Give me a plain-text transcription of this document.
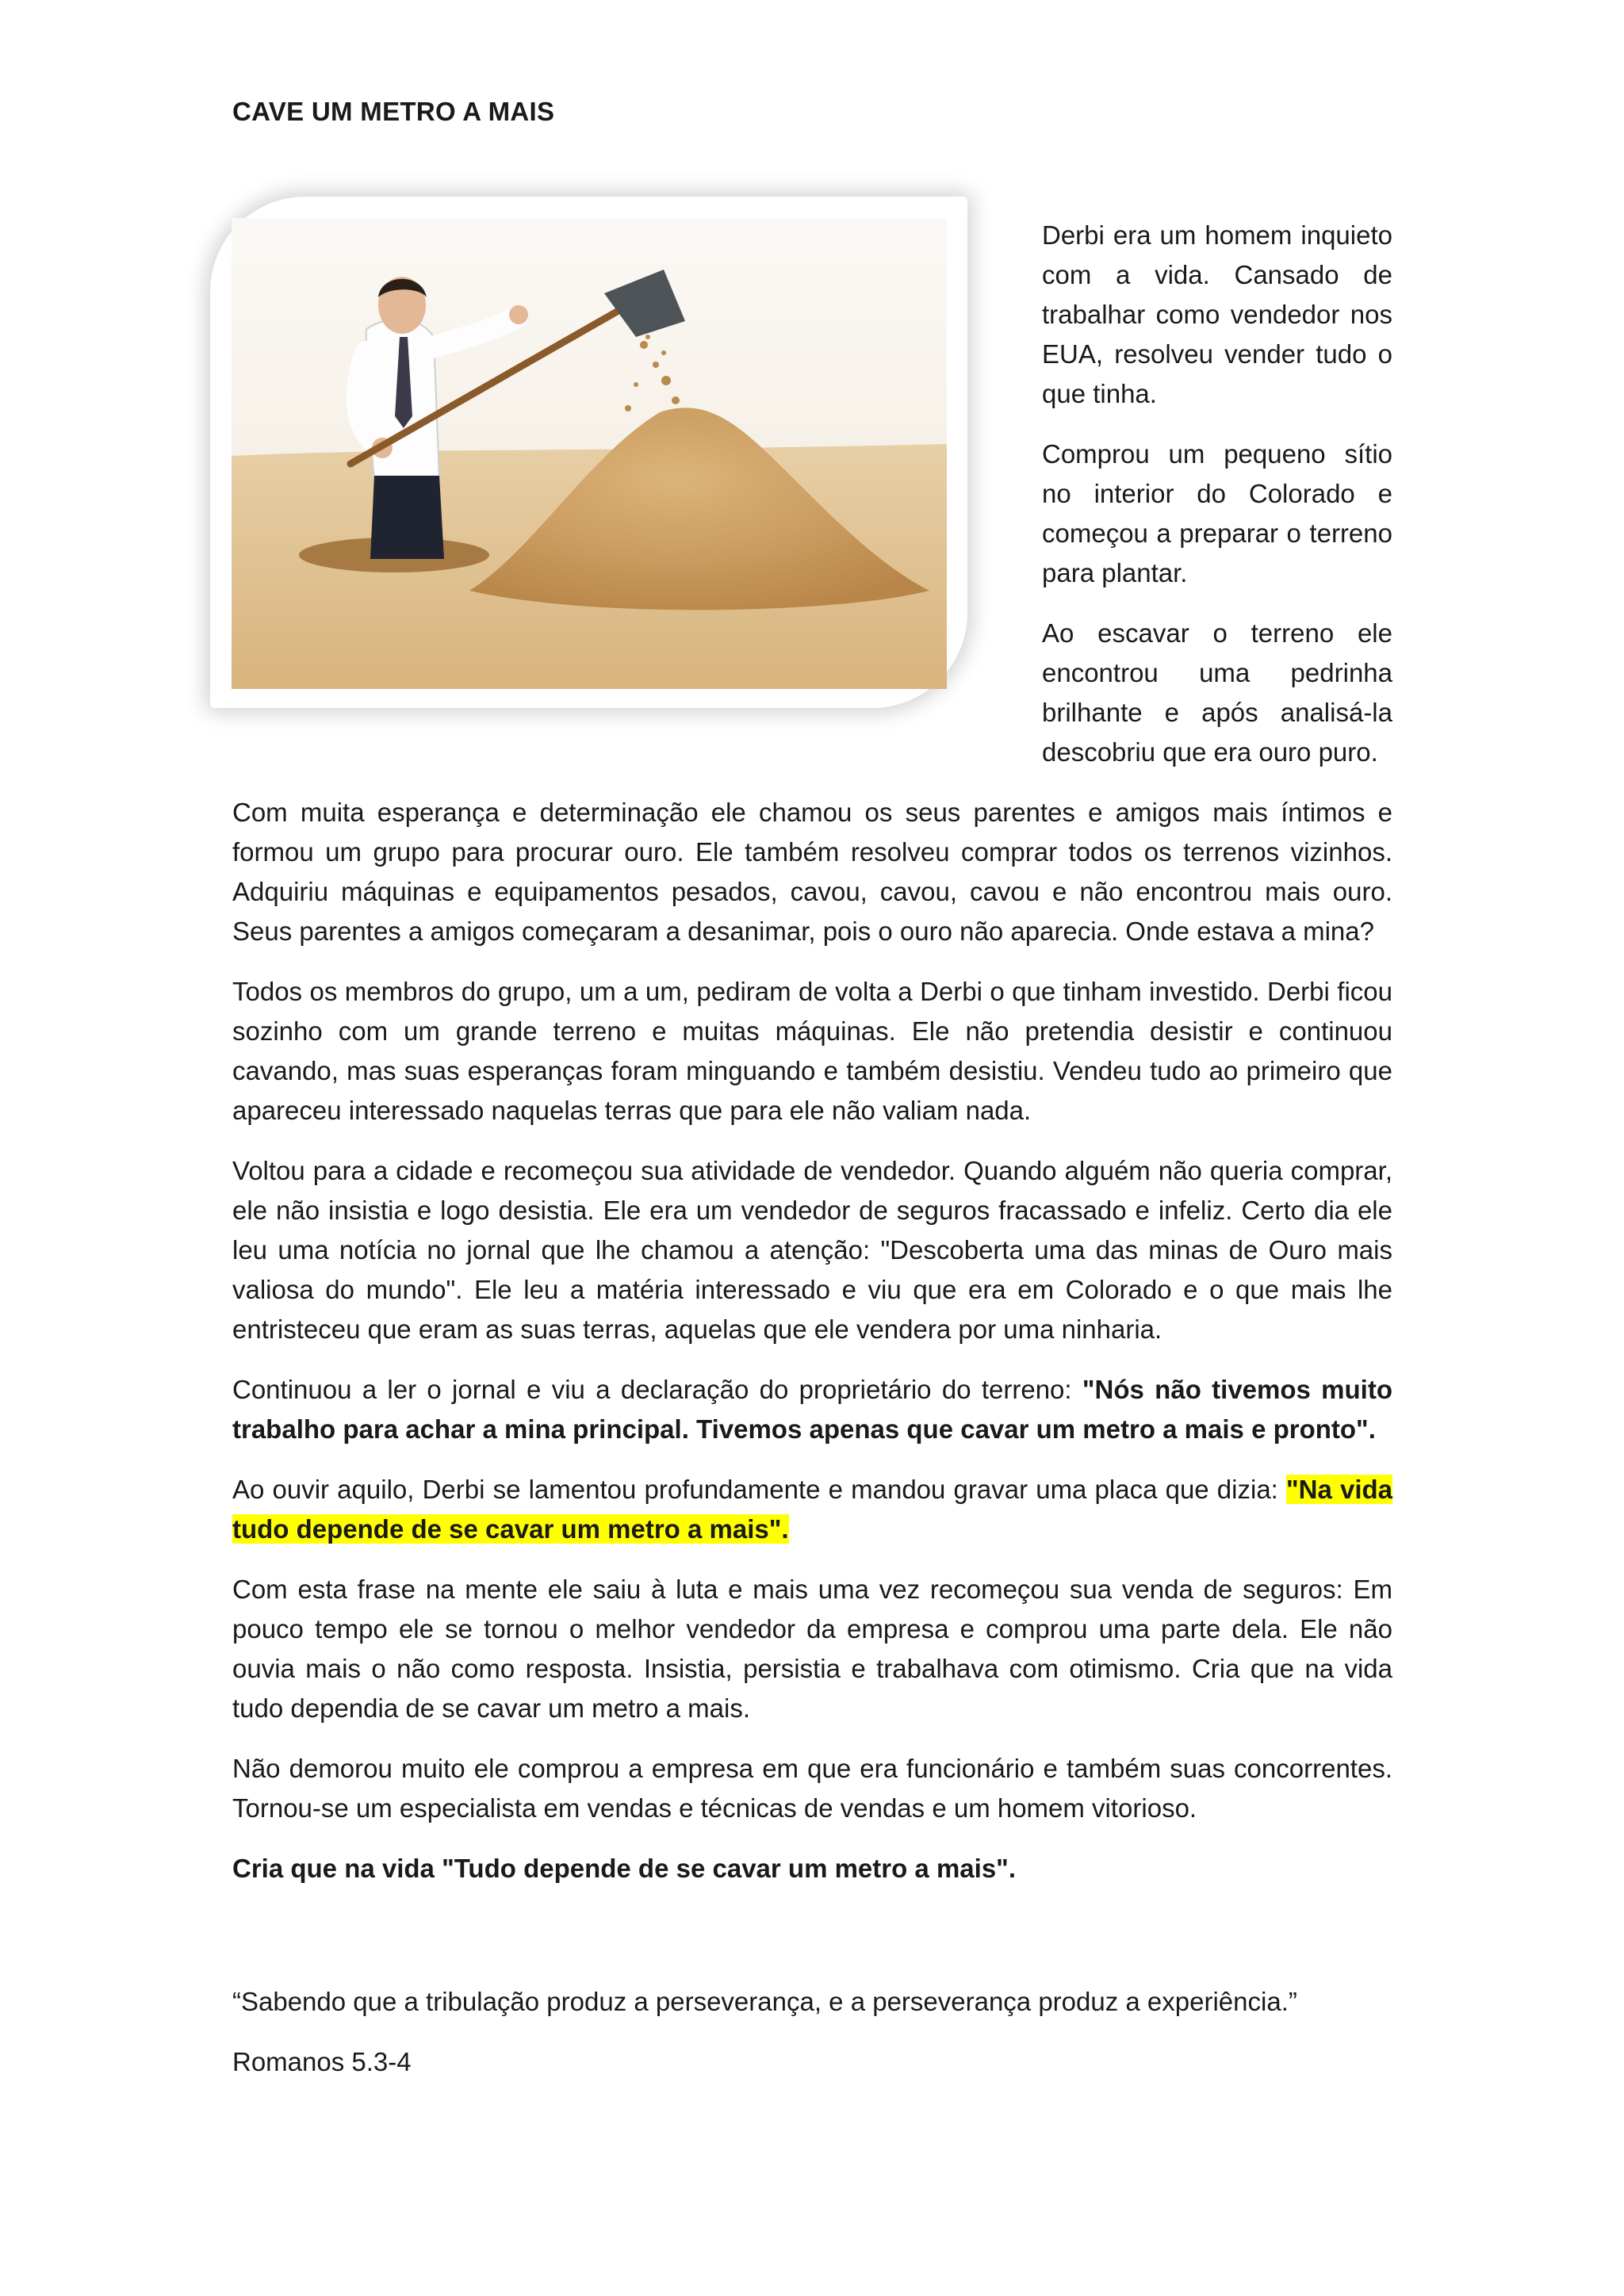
CAVE UM METRO A MAIS

Derbi era um homem inquieto com a vida. Cansado de trabalhar como vendedor nos EUA, resolveu vender tudo o que tinha.

Comprou um pequeno sítio no interior do Colorado e começou a preparar o terreno para plantar.

Ao escavar o terreno ele encontrou uma pedrinha brilhante e após analisá-la descobriu que era ouro puro.

Com muita esperança e determinação ele chamou os seus parentes e amigos mais íntimos e formou um grupo para procurar ouro. Ele também resolveu comprar todos os terrenos vizinhos. Adquiriu máquinas e equipamentos pesados, cavou, cavou, cavou e não encontrou mais ouro. Seus parentes a amigos começaram a desanimar, pois o ouro não aparecia. Onde estava a mina?

Todos os membros do grupo, um a um, pediram de volta a Derbi o que tinham investido. Derbi ficou sozinho com um grande terreno e muitas máquinas. Ele não pretendia desistir e continuou cavando, mas suas esperanças foram minguando e também desistiu. Vendeu tudo ao primeiro que apareceu interessado naquelas terras que para ele não valiam nada.

Voltou para a cidade e recomeçou sua atividade de vendedor. Quando alguém não queria comprar, ele não insistia e logo desistia. Ele era um vendedor de seguros fracassado e infeliz. Certo dia ele leu uma notícia no jornal que lhe chamou a atenção: "Descoberta uma das minas de Ouro mais valiosa do mundo". Ele leu a matéria interessado e viu que era em Colorado e o que mais lhe entristeceu que eram as suas terras, aquelas que ele vendera por uma ninharia.

Continuou a ler o jornal e viu a declaração do proprietário do terreno: "Nós não tivemos muito trabalho para achar a mina principal. Tivemos apenas que cavar um metro a mais e pronto".

Ao ouvir aquilo, Derbi se lamentou profundamente e mandou gravar uma placa que dizia: "Na vida tudo depende de se cavar um metro a mais".

Com esta frase na mente ele saiu à luta e mais uma vez recomeçou sua venda de seguros: Em pouco tempo ele se tornou o melhor vendedor da empresa e comprou uma parte dela. Ele não ouvia mais o não como resposta. Insistia, persistia e trabalhava com otimismo. Cria que na vida tudo dependia de se cavar um metro a mais.

Não demorou muito ele comprou a empresa em que era funcionário e também suas concorrentes. Tornou-se um especialista em vendas e técnicas de vendas e um homem vitorioso.

Cria que na vida "Tudo depende de se cavar um metro a mais".

“Sabendo que a tribulação produz a perseverança, e a perseverança produz a experiência.”

Romanos 5.3-4
